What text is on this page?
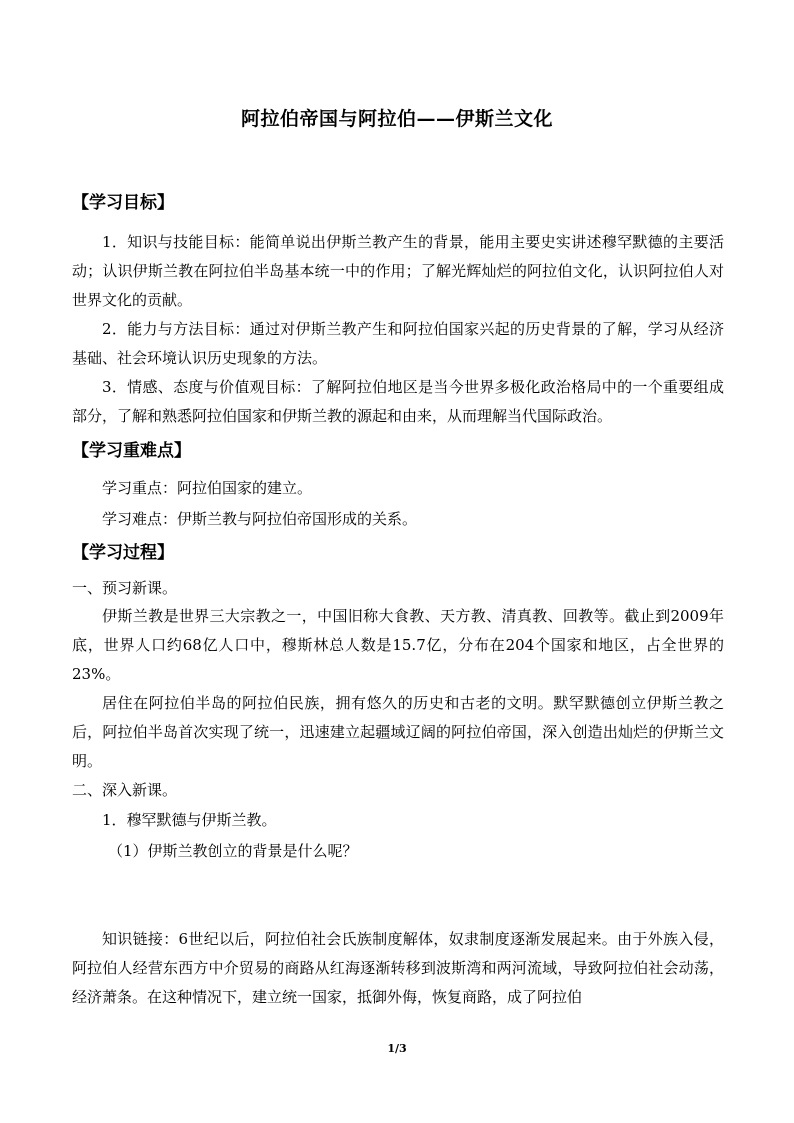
阿拉伯帝国与阿拉伯——伊斯兰文化
【学习目标】
1．知识与技能目标：能简单说出伊斯兰教产生的背景，能用主要史实讲述穆罕默德的主要活动；认识伊斯兰教在阿拉伯半岛基本统一中的作用；了解光辉灿烂的阿拉伯文化，认识阿拉伯人对世界文化的贡献。
2．能力与方法目标：通过对伊斯兰教产生和阿拉伯国家兴起的历史背景的了解，学习从经济基础、社会环境认识历史现象的方法。
3．情感、态度与价值观目标：了解阿拉伯地区是当今世界多极化政治格局中的一个重要组成部分，了解和熟悉阿拉伯国家和伊斯兰教的源起和由来，从而理解当代国际政治。
【学习重难点】
学习重点：阿拉伯国家的建立。
学习难点：伊斯兰教与阿拉伯帝国形成的关系。
【学习过程】
一、预习新课。
伊斯兰教是世界三大宗教之一，中国旧称大食教、天方教、清真教、回教等。截止到2009年底，世界人口约68亿人口中，穆斯林总人数是15.7亿，分布在204个国家和地区，占全世界的23%。
居住在阿拉伯半岛的阿拉伯民族，拥有悠久的历史和古老的文明。默罕默德创立伊斯兰教之后，阿拉伯半岛首次实现了统一，迅速建立起疆域辽阔的阿拉伯帝国，深入创造出灿烂的伊斯兰文明。
二、深入新课。
1．穆罕默德与伊斯兰教。
（1）伊斯兰教创立的背景是什么呢？
知识链接：6世纪以后，阿拉伯社会氏族制度解体，奴隶制度逐渐发展起来。由于外族入侵，阿拉伯人经营东西方中介贸易的商路从红海逐渐转移到波斯湾和两河流域，导致阿拉伯社会动荡，经济萧条。在这种情况下，建立统一国家，抵御外侮，恢复商路，成了阿拉伯
1/3
